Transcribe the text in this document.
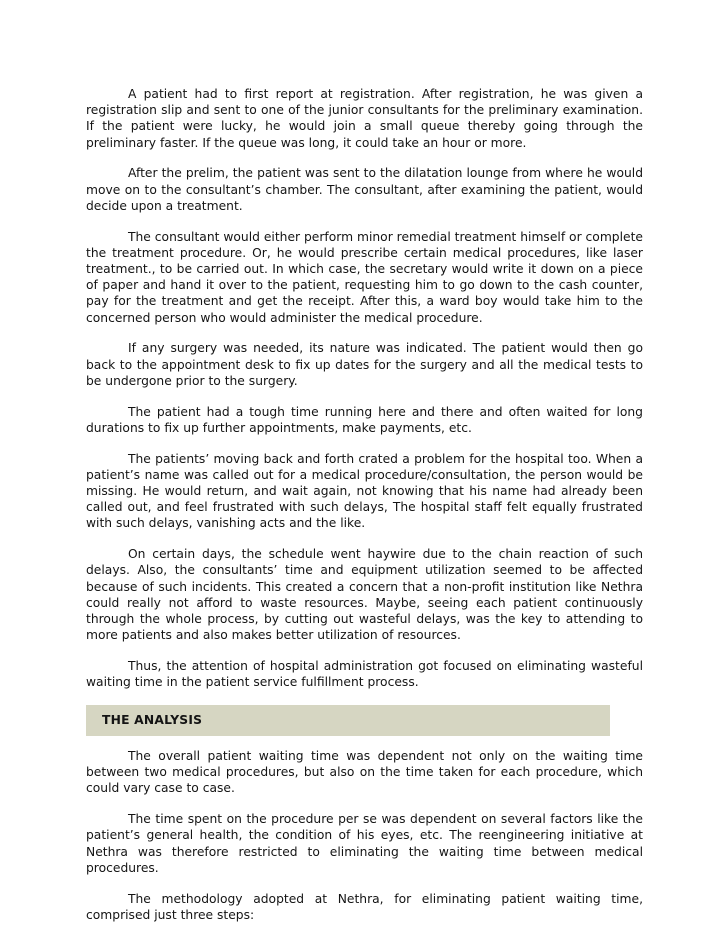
A patient had to first report at registration. After registration, he was given a registration slip and sent to one of the junior consultants for the preliminary examination. If the patient were lucky, he would join a small queue thereby going through the preliminary faster. If the queue was long, it could take an hour or more.

After the prelim, the patient was sent to the dilatation lounge from where he would move on to the consultant’s chamber. The consultant, after examining the patient, would decide upon a treatment.

The consultant would either perform minor remedial treatment himself or complete the treatment procedure. Or, he would prescribe certain medical procedures, like laser treatment., to be carried out. In which case, the secretary would write it down on a piece of paper and hand it over to the patient, requesting him to go down to the cash counter, pay for the treatment and get the receipt. After this, a ward boy would take him to the concerned person who would administer the medical procedure.

If any surgery was needed, its nature was indicated. The patient would then go back to the appointment desk to fix up dates for the surgery and all the medical tests to be undergone prior to the surgery.

The patient had a tough time running here and there and often waited for long durations to fix up further appointments, make payments, etc.

The patients’ moving back and forth crated a problem for the hospital too. When a patient’s name was called out for a medical procedure/consultation, the person would be missing. He would return, and wait again, not knowing that his name had already been called out, and feel frustrated with such delays, The hospital staff felt equally frustrated with such delays, vanishing acts and the like.

On certain days, the schedule went haywire due to the chain reaction of such delays. Also, the consultants’ time and equipment utilization seemed to be affected because of such incidents. This created a concern that a non-profit institution like Nethra could really not afford to waste resources. Maybe, seeing each patient continuously through the whole process, by cutting out wasteful delays, was the key to attending to more patients and also makes better utilization of resources.

Thus, the attention of hospital administration got focused on eliminating wasteful waiting time in the patient service fulfillment process.

THE ANALYSIS

The overall patient waiting time was dependent not only on the waiting time between two medical procedures, but also on the time taken for each procedure, which could vary case to case.

The time spent on the procedure per se was dependent on several factors like the patient’s general health, the condition of his eyes, etc. The reengineering initiative at Nethra was therefore restricted to eliminating the waiting time between medical procedures.

The methodology adopted at Nethra, for eliminating patient waiting time, comprised just three steps:
